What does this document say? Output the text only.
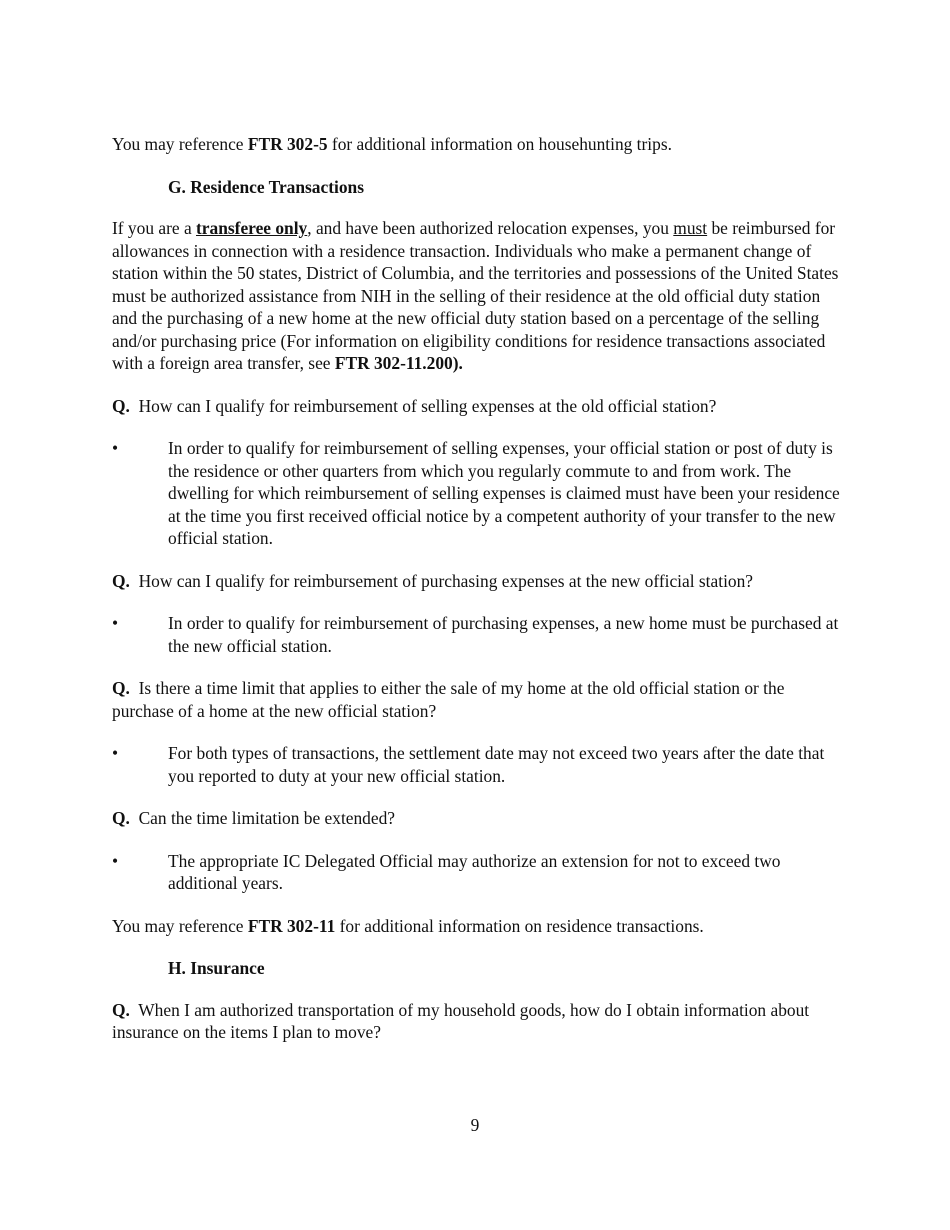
You may reference FTR 302-5 for additional information on househunting trips.

G. Residence Transactions

If you are a transferee only, and have been authorized relocation expenses, you must be reimbursed for allowances in connection with a residence transaction. Individuals who make a permanent change of station within the 50 states, District of Columbia, and the territories and possessions of the United States must be authorized assistance from NIH in the selling of their residence at the old official duty station and the purchasing of a new home at the new official duty station based on a percentage of the selling and/or purchasing price (For information on eligibility conditions for residence transactions associated with a foreign area transfer, see FTR 302-11.200).

Q. How can I qualify for reimbursement of selling expenses at the old official station?

•	In order to qualify for reimbursement of selling expenses, your official station or post of duty is the residence or other quarters from which you regularly commute to and from work. The dwelling for which reimbursement of selling expenses is claimed must have been your residence at the time you first received official notice by a competent authority of your transfer to the new official station.

Q. How can I qualify for reimbursement of purchasing expenses at the new official station?

•	In order to qualify for reimbursement of purchasing expenses, a new home must be purchased at the new official station.

Q. Is there a time limit that applies to either the sale of my home at the old official station or the purchase of a home at the new official station?

•	For both types of transactions, the settlement date may not exceed two years after the date that you reported to duty at your new official station.

Q. Can the time limitation be extended?

•	The appropriate IC Delegated Official may authorize an extension for not to exceed two additional years.

You may reference FTR 302-11 for additional information on residence transactions.

H. Insurance

Q. When I am authorized transportation of my household goods, how do I obtain information about insurance on the items I plan to move?

9
